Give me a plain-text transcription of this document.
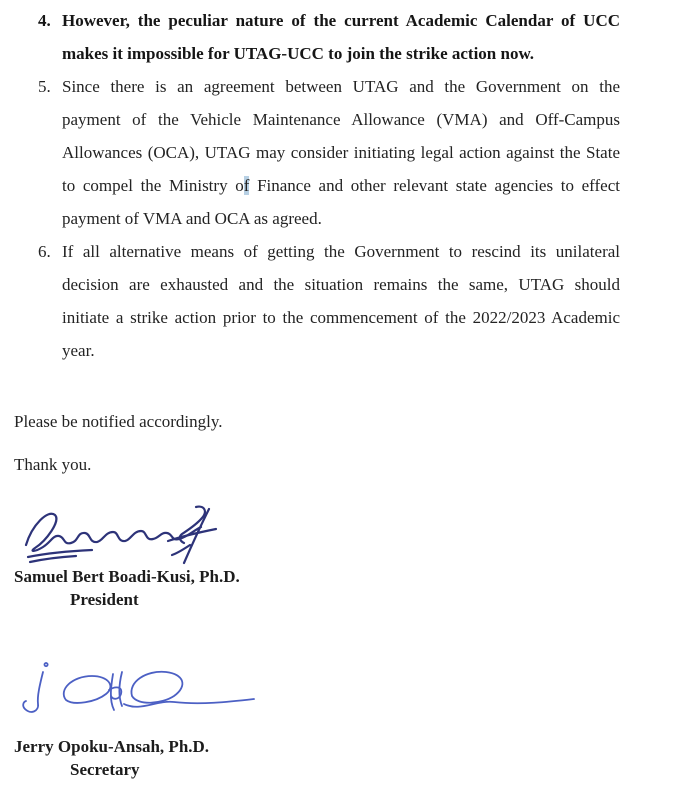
4. However, the peculiar nature of the current Academic Calendar of UCC
makes it impossible for UTAG-UCC to join the strike action now.
5. Since there is an agreement between UTAG and the Government on the
payment of the Vehicle Maintenance Allowance (VMA) and Off-Campus
Allowances (OCA), UTAG may consider initiating legal action against the State
to compel the Ministry of Finance and other relevant state agencies to effect
payment of VMA and OCA as agreed.
6. If all alternative means of getting the Government to rescind its unilateral
decision are exhausted and the situation remains the same, UTAG should
initiate a strike action prior to the commencement of the 2022/2023 Academic
year.
Please be notified accordingly.
Thank you.
Samuel Bert Boadi-Kusi, Ph.D.
President
Jerry Opoku-Ansah, Ph.D.
Secretary
